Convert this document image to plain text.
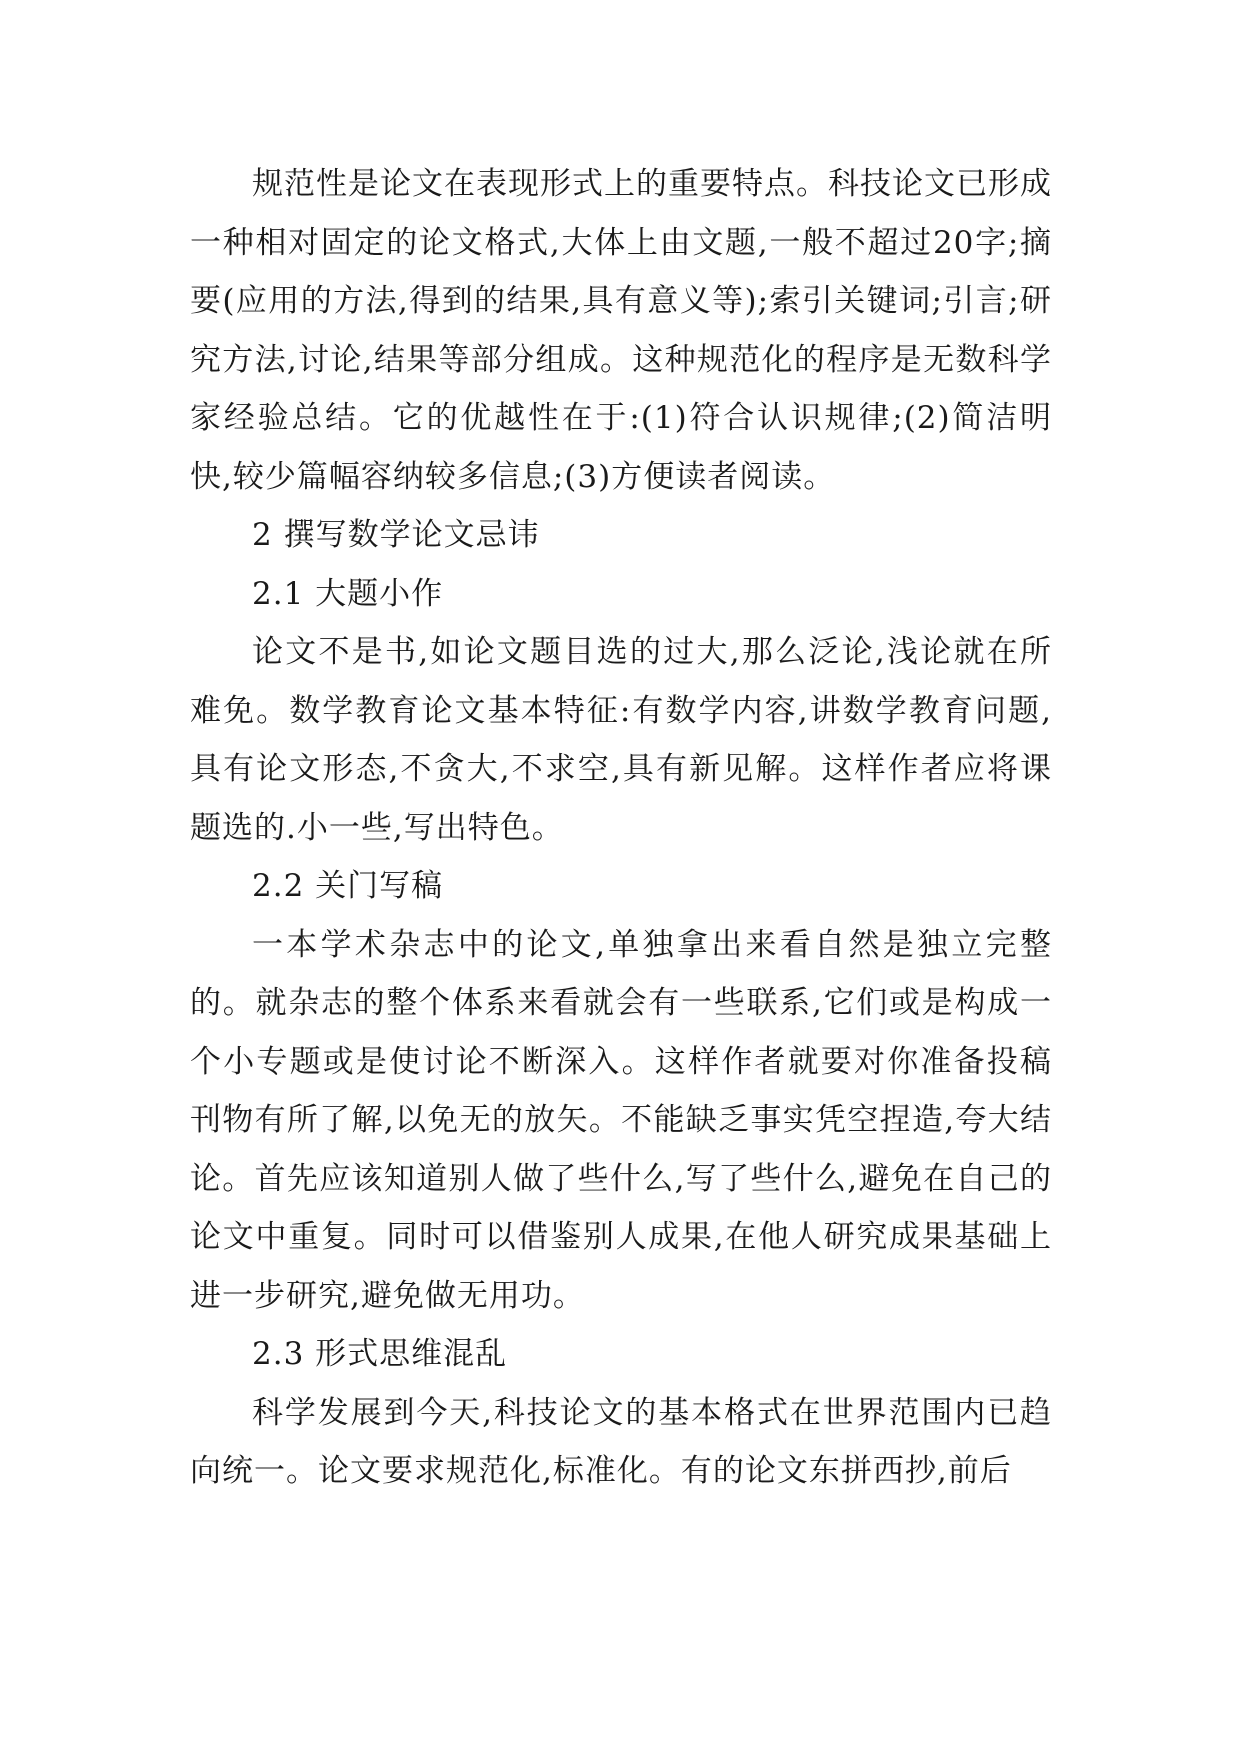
规范性是论文在表现形式上的重要特点。科技论文已形成一种相对固定的论文格式,大体上由文题,一般不超过20字;摘要(应用的方法,得到的结果,具有意义等);索引关键词;引言;研究方法,讨论,结果等部分组成。这种规范化的程序是无数科学家经验总结。它的优越性在于:(1)符合认识规律;(2)简洁明快,较少篇幅容纳较多信息;(3)方便读者阅读。

2 撰写数学论文忌讳

2.1 大题小作

论文不是书,如论文题目选的过大,那么泛论,浅论就在所难免。数学教育论文基本特征:有数学内容,讲数学教育问题,具有论文形态,不贪大,不求空,具有新见解。这样作者应将课题选的.小一些,写出特色。

2.2 关门写稿

一本学术杂志中的论文,单独拿出来看自然是独立完整的。就杂志的整个体系来看就会有一些联系,它们或是构成一个小专题或是使讨论不断深入。这样作者就要对你准备投稿刊物有所了解,以免无的放矢。不能缺乏事实凭空捏造,夸大结论。首先应该知道别人做了些什么,写了些什么,避免在自己的 论文中重复。同时可以借鉴别人成果,在他人研究成果基础上进一步研究,避免做无用功。

2.3 形式思维混乱

科学发展到今天,科技论文的基本格式在世界范围内已趋向统一。论文要求规范化,标准化。有的论文东拼西抄,前后
